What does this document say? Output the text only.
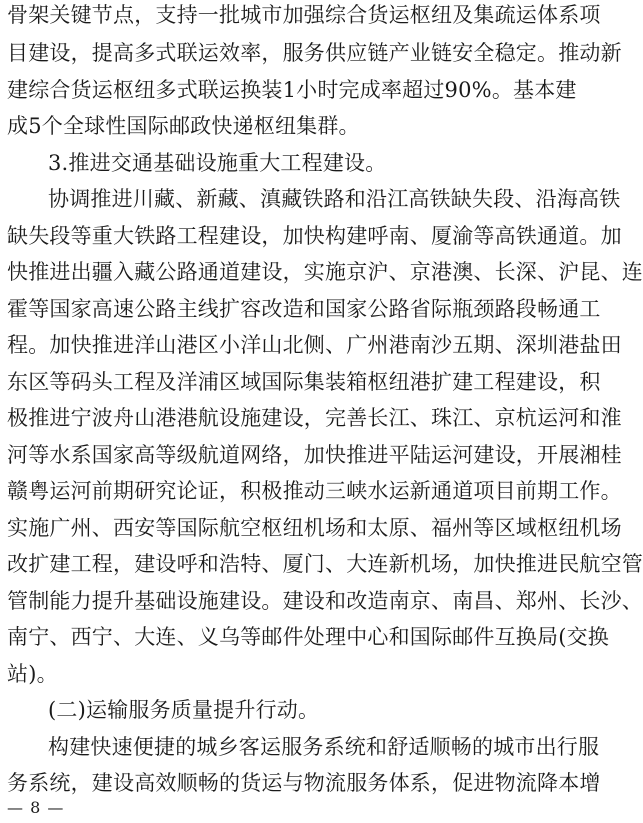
骨架关键节点，支持一批城市加强综合货运枢纽及集疏运体系项
目建设，提高多式联运效率，服务供应链产业链安全稳定。推动新
建综合货运枢纽多式联运换装1小时完成率超过90%。基本建
成5个全球性国际邮政快递枢纽集群。
3.推进交通基础设施重大工程建设。
协调推进川藏、新藏、滇藏铁路和沿江高铁缺失段、沿海高铁
缺失段等重大铁路工程建设，加快构建呼南、厦渝等高铁通道。加
快推进出疆入藏公路通道建设，实施京沪、京港澳、长深、沪昆、连
霍等国家高速公路主线扩容改造和国家公路省际瓶颈路段畅通工
程。加快推进洋山港区小洋山北侧、广州港南沙五期、深圳港盐田
东区等码头工程及洋浦区域国际集装箱枢纽港扩建工程建设，积
极推进宁波舟山港港航设施建设，完善长江、珠江、京杭运河和淮
河等水系国家高等级航道网络，加快推进平陆运河建设，开展湘桂
赣粤运河前期研究论证，积极推动三峡水运新通道项目前期工作。
实施广州、西安等国际航空枢纽机场和太原、福州等区域枢纽机场
改扩建工程，建设呼和浩特、厦门、大连新机场，加快推进民航空管
管制能力提升基础设施建设。建设和改造南京、南昌、郑州、长沙、
南宁、西宁、大连、义乌等邮件处理中心和国际邮件互换局(交换
站)。
(二)运输服务质量提升行动。
构建快速便捷的城乡客运服务系统和舒适顺畅的城市出行服
务系统，建设高效顺畅的货运与物流服务体系，促进物流降本增
— 8 —
